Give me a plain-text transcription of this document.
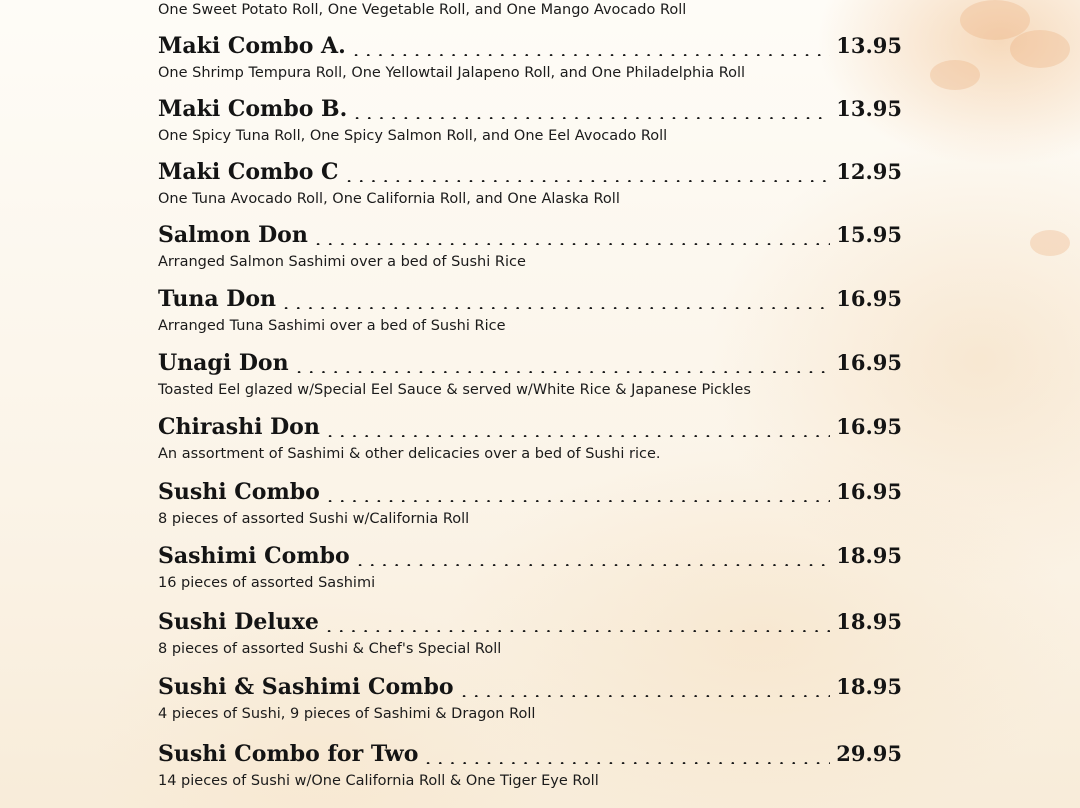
One Sweet Potato Roll, One Vegetable Roll, and One Mango Avocado Roll
Maki Combo A.	13.95
One Shrimp Tempura Roll, One Yellowtail Jalapeno Roll, and One Philadelphia Roll
Maki Combo B.	13.95
One Spicy Tuna Roll, One Spicy Salmon Roll, and One Eel Avocado Roll
Maki Combo C	12.95
One Tuna Avocado Roll, One California Roll, and One Alaska Roll
Salmon Don	15.95
Arranged Salmon Sashimi over a bed of Sushi Rice
Tuna Don	16.95
Arranged Tuna Sashimi over a bed of Sushi Rice
Unagi Don	16.95
Toasted Eel glazed w/Special Eel Sauce & served w/White Rice & Japanese Pickles
Chirashi Don	16.95
An assortment of Sashimi & other delicacies over a bed of Sushi rice.
Sushi Combo	16.95
8 pieces of assorted Sushi w/California Roll
Sashimi Combo	18.95
16 pieces of assorted Sashimi
Sushi Deluxe	18.95
8 pieces of assorted Sushi & Chef's Special Roll
Sushi & Sashimi Combo	18.95
4 pieces of Sushi, 9 pieces of Sashimi & Dragon Roll
Sushi Combo for Two	29.95
14 pieces of Sushi w/One California Roll & One Tiger Eye Roll
